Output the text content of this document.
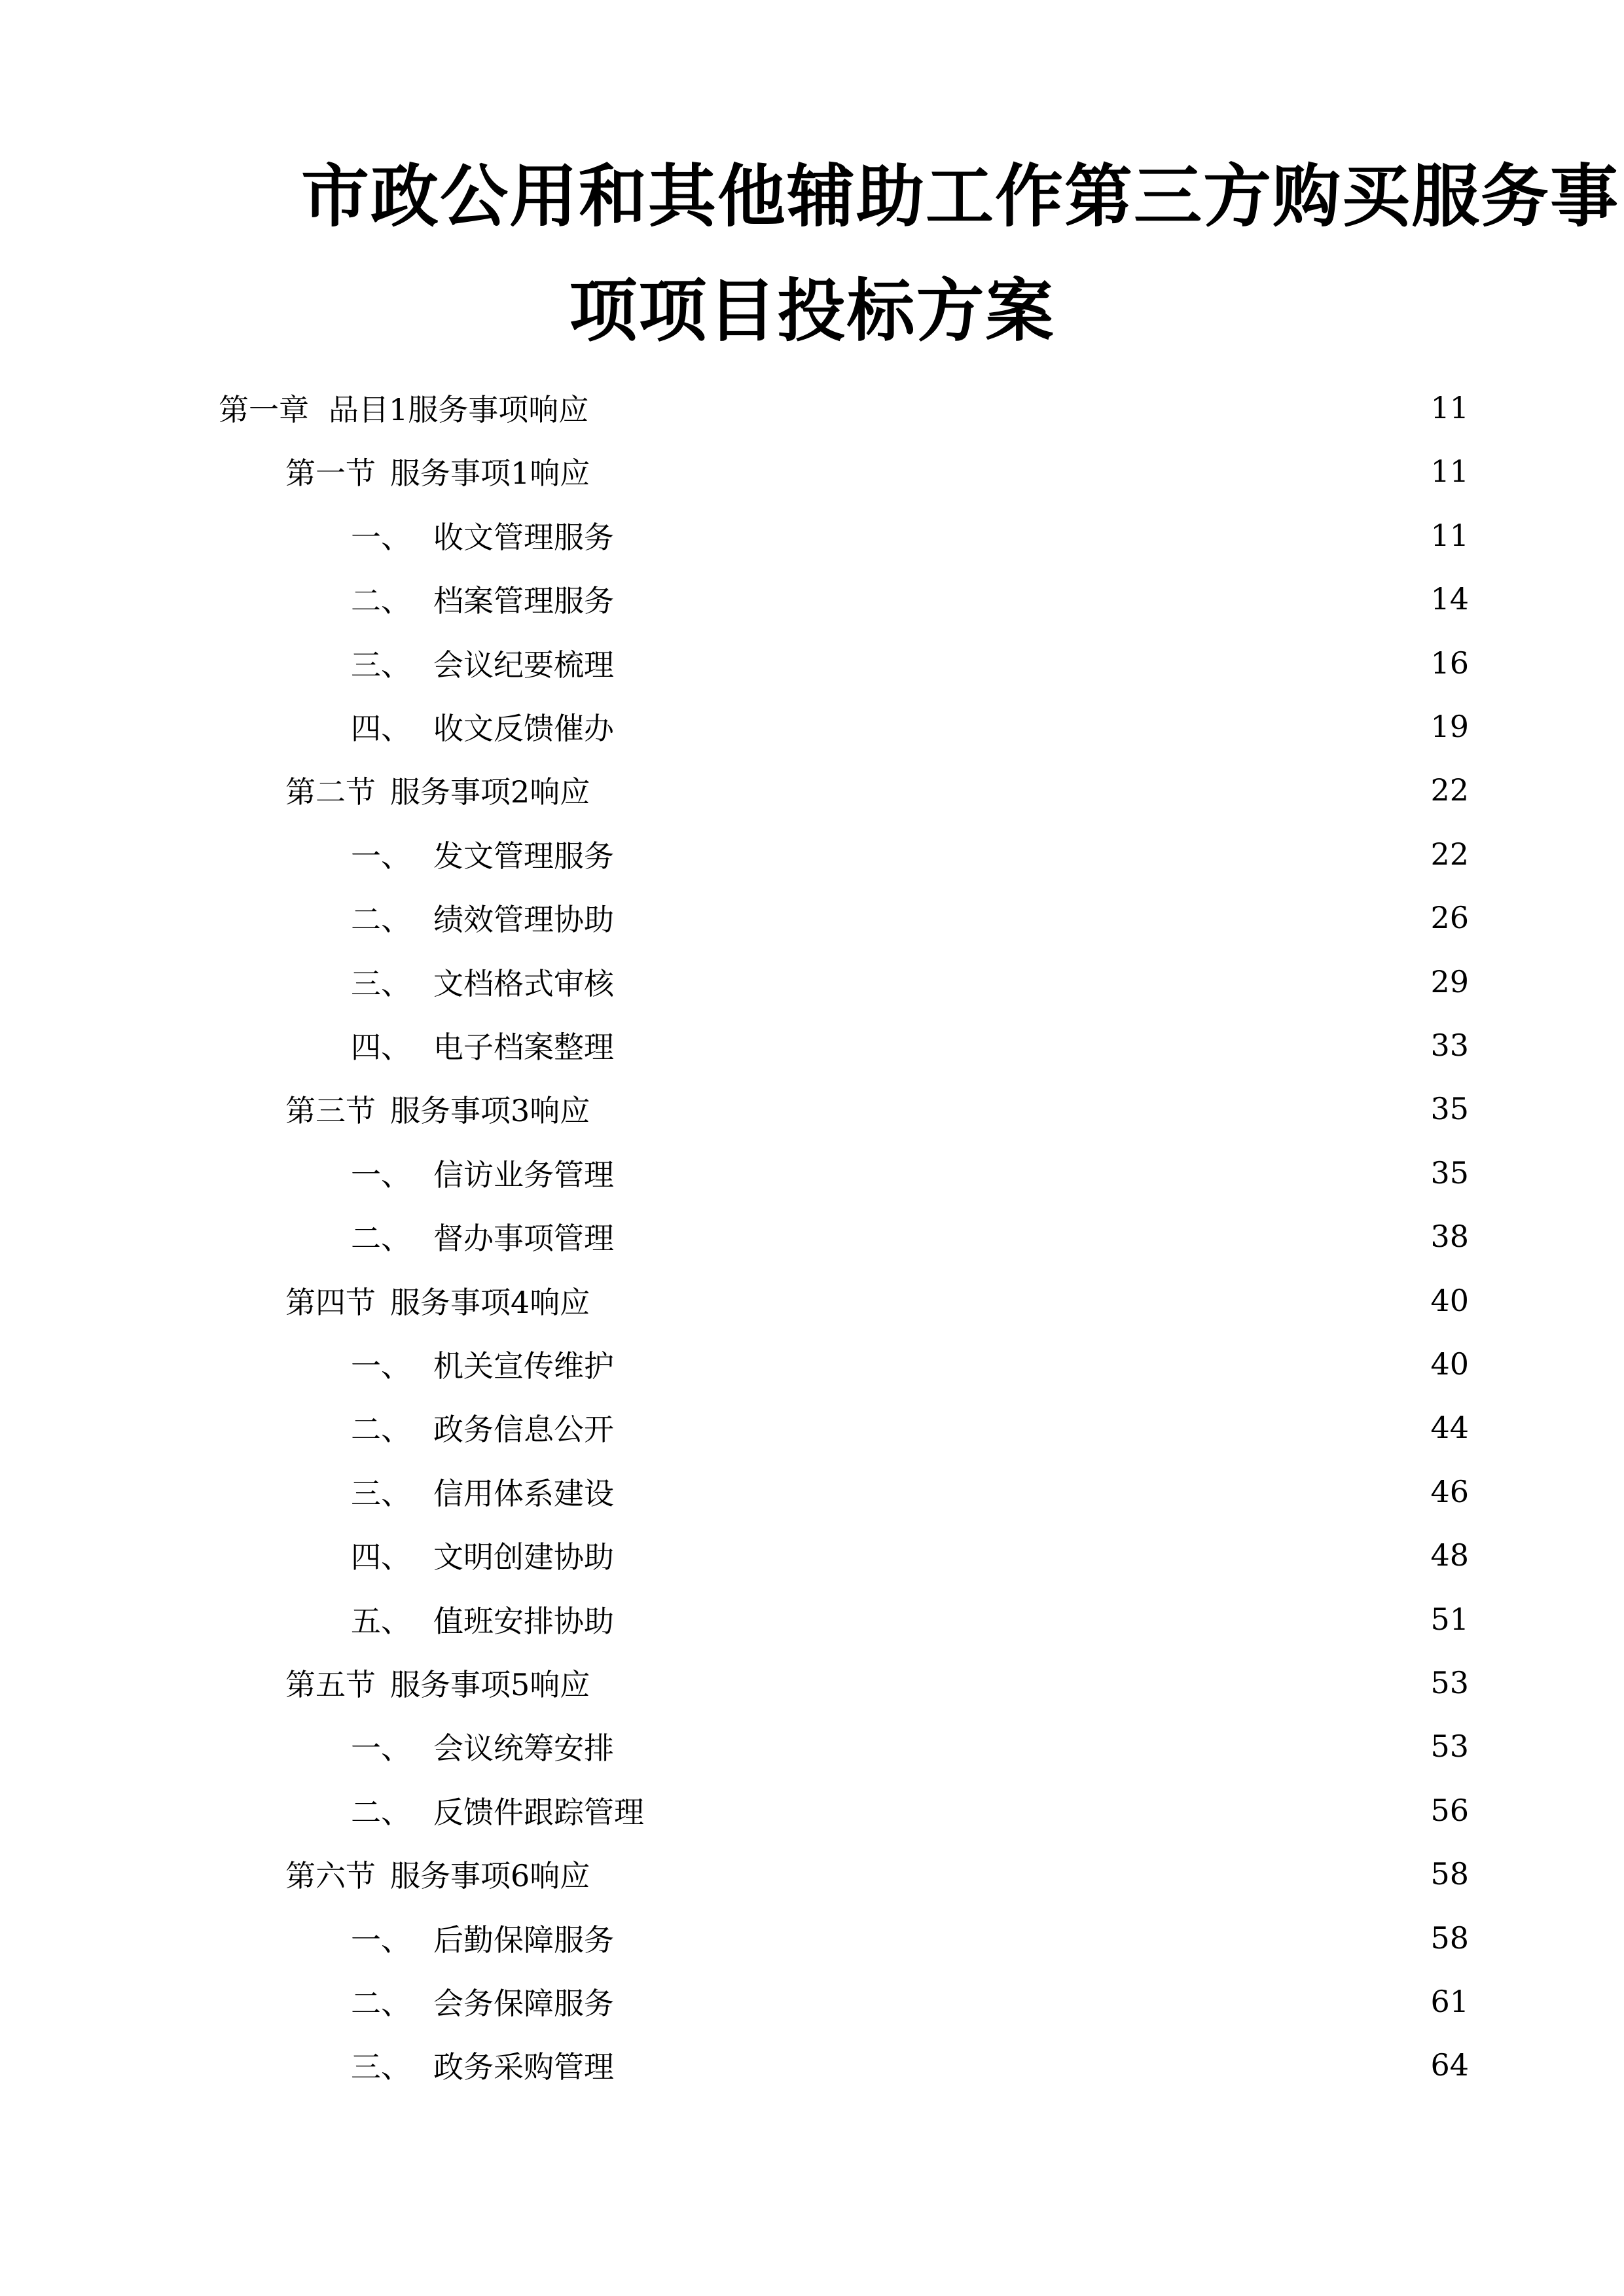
市政公用和其他辅助工作第三方购买服务事
项项目投标方案
第一章 品目1服务事项响应	11
第一节 服务事项1响应	11
一、 收文管理服务	11
二、 档案管理服务	14
三、 会议纪要梳理	16
四、 收文反馈催办	19
第二节 服务事项2响应	22
一、 发文管理服务	22
二、 绩效管理协助	26
三、 文档格式审核	29
四、 电子档案整理	33
第三节 服务事项3响应	35
一、 信访业务管理	35
二、 督办事项管理	38
第四节 服务事项4响应	40
一、 机关宣传维护	40
二、 政务信息公开	44
三、 信用体系建设	46
四、 文明创建协助	48
五、 值班安排协助	51
第五节 服务事项5响应	53
一、 会议统筹安排	53
二、 反馈件跟踪管理	56
第六节 服务事项6响应	58
一、 后勤保障服务	58
二、 会务保障服务	61
三、 政务采购管理	64
